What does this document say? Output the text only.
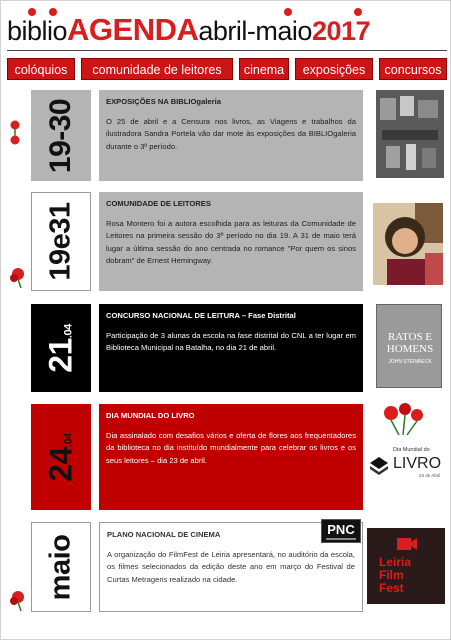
biblioAGENDAabril-maio2017
colóquios	comunidade de leitores	cinema	exposições	concursos
19-30	EXPOSIÇÕES NA BIBLIOgaleria
O 25 de abril e a Censura nos livros, as Viagens e trabalhos da ilustradora Sandra Portela vão dar mote às exposições da BIBLIOgaleria durante o 3º período.
19e31	COMUNIDADE DE LEITORES
Rosa Montero foi a autora escolhida para as leituras da Comunidade de Leitores na primeira sessão do 3º período no dia 19. A 31 de maio terá lugar a última sessão do ano centrada no romance "Por quem os sinos dobram" de Ernest Hemingway.
21.04
CONCURSO NACIONAL DE LEITURA – Fase Distrital
Participação de 3 alunas da escola na fase distrital do CNL a ter lugar em Biblioteca Municipal na Batalha, no dia 21 de abril.
RATOS E HOMENS
JOHN STEINBECK
24.04
DIA MUNDIAL DO LIVRO
Dia assinalado com desafios vários e oferta de flores aos frequentadores da biblioteca no dia instituído mundialmente para celebrar os livros e os seus leitores – dia 23 de abril.
Dia Mundial do
LIVRO
23 de Abril
maio	PLANO NACIONAL DE CINEMA
A organização do FilmFest de Leiria apresentará, no auditório da escola, os filmes selecionados da edição deste ano em março do Festival de Curtas Metragens realizado na cidade.
PNC
Leiria
Film
Fest
